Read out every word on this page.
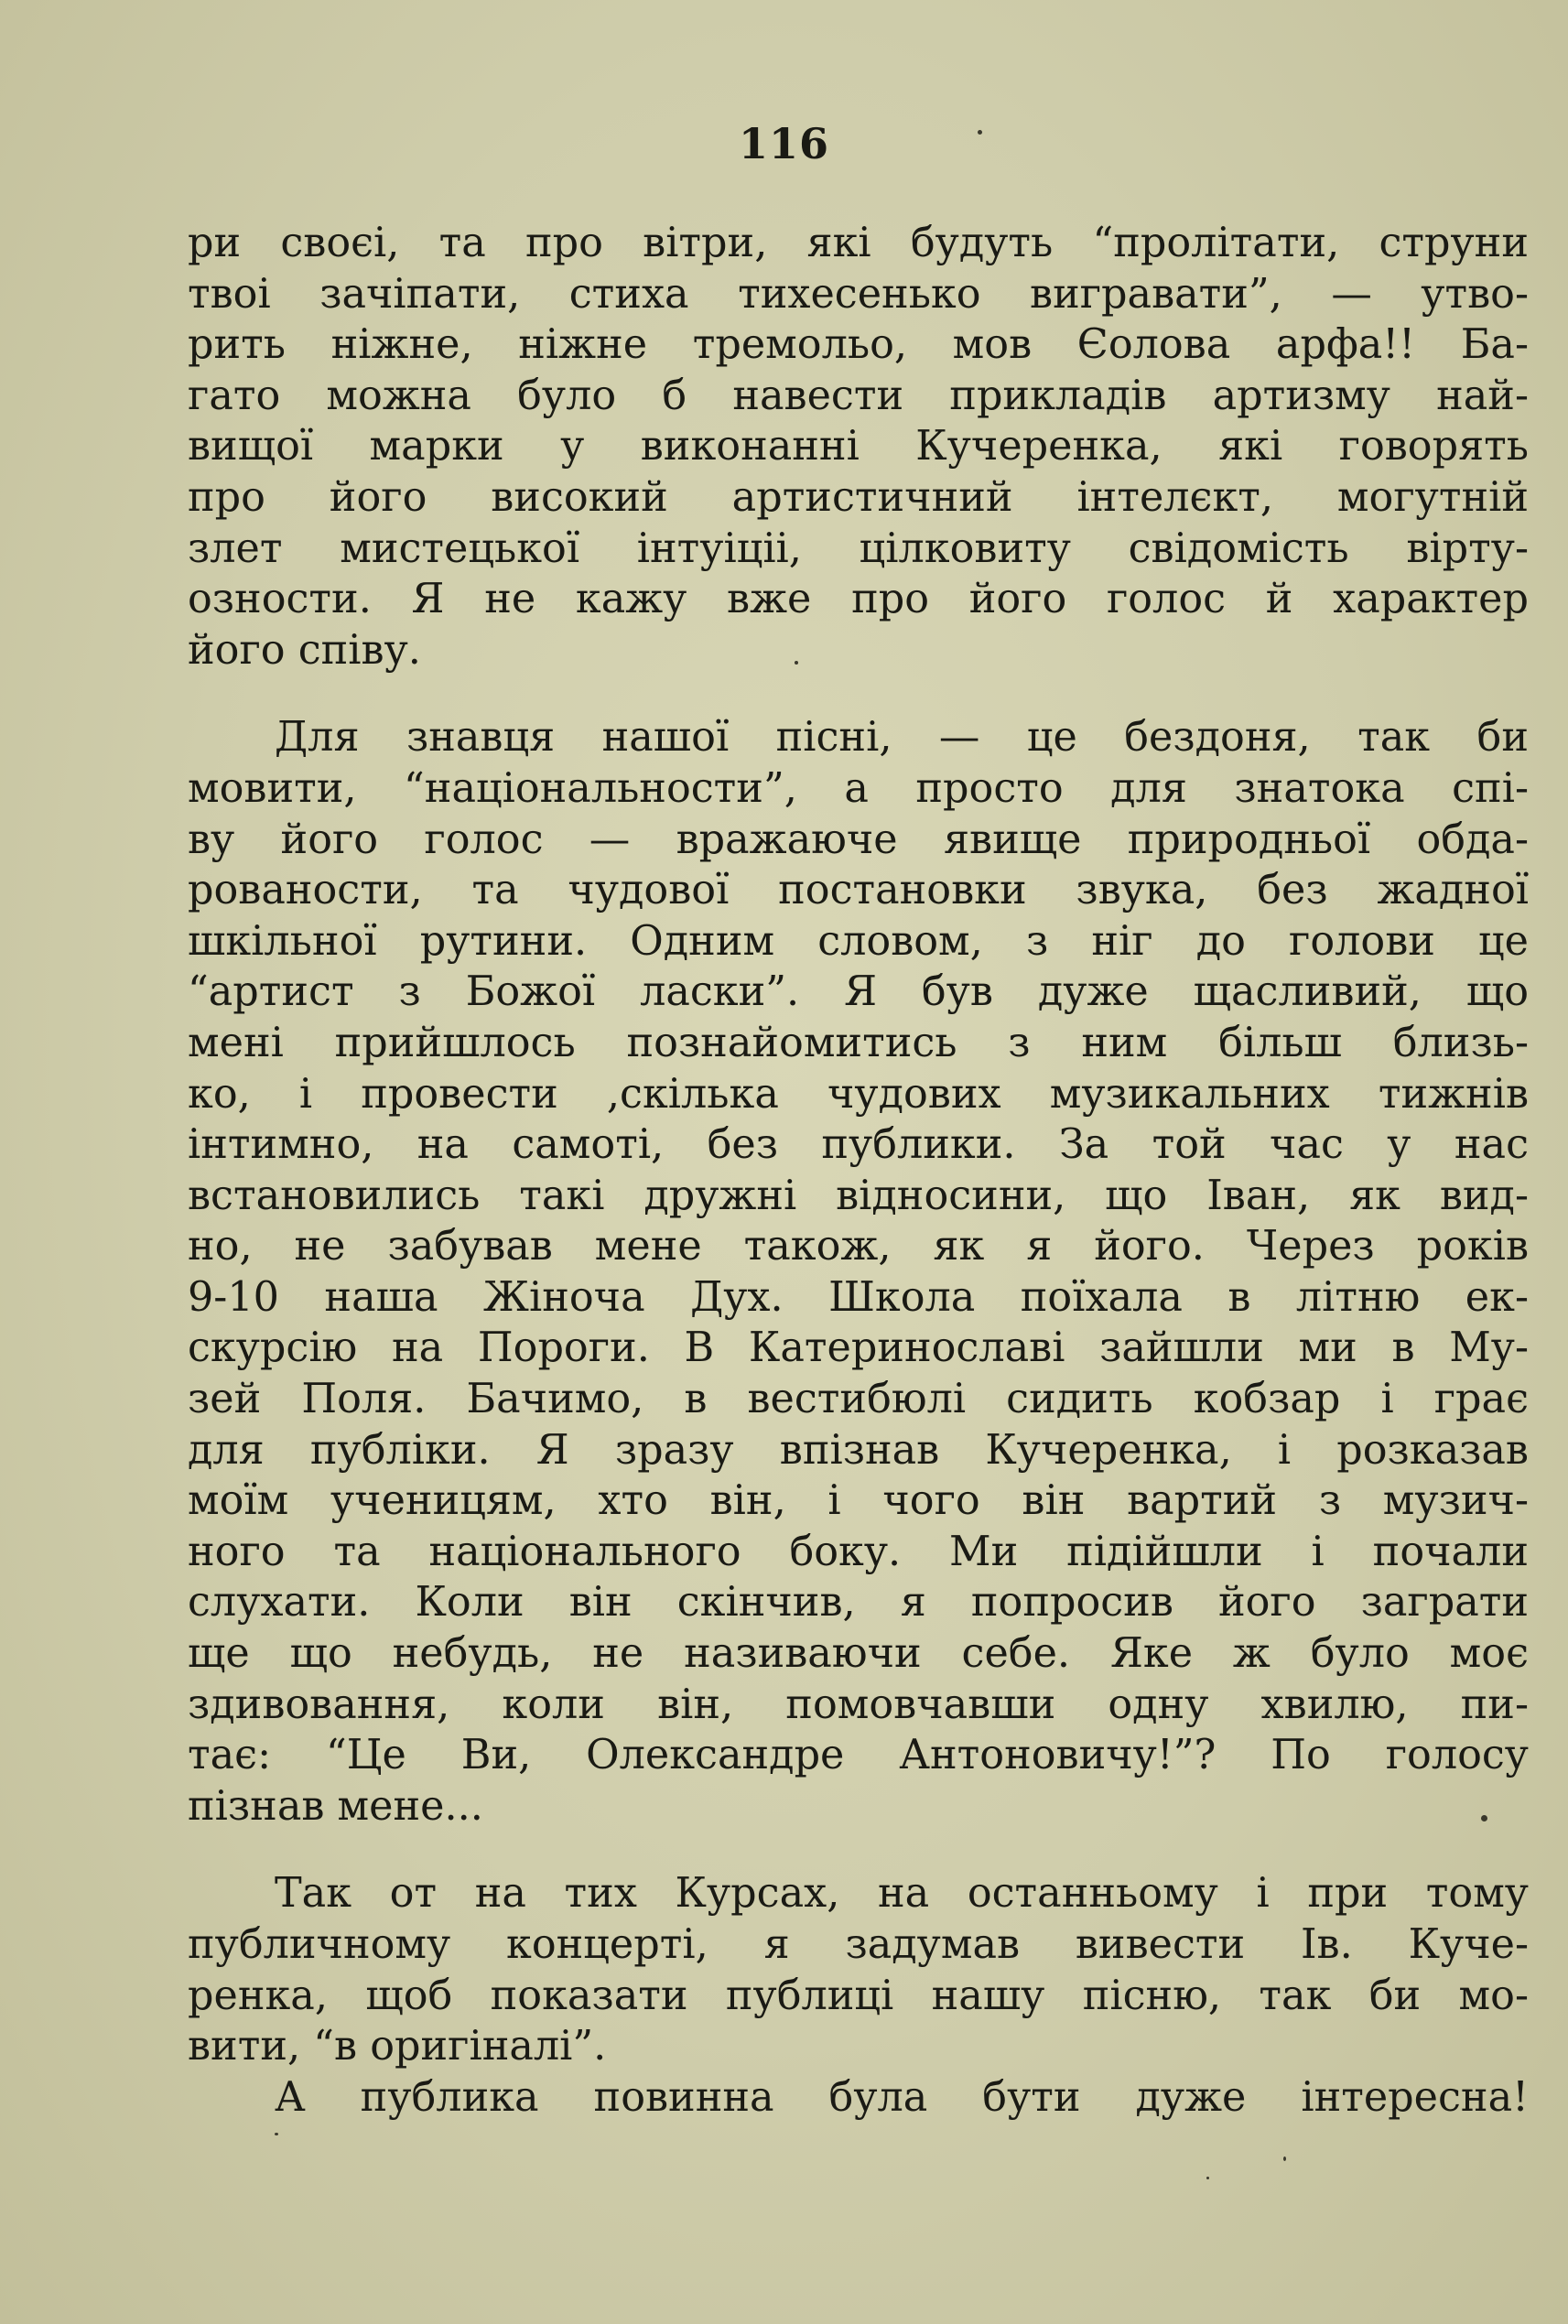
116
ри своєі, та про вітри, які будуть “пролітати, струни
твоі зачіпати, стиха тихесенько вигравати”, — утво-
рить ніжне, ніжне тремольо, мов Єолова арфа!! Ба-
гато можна було б навести прикладів артизму най-
вищої марки у виконанні Кучеренка, які говорять
про його високий артистичний інтелєкт, могутній
злет мистецької інтуіціі, цілковиту свідомість вірту-
озности. Я не кажу вже про його голос й характер
його співу.
Для знавця нашої пісні, — це бездоня, так би
мовити, “національности”, а просто для знатока спі-
ву його голос — вражаюче явище природньої обда-
рованости, та чудової постановки звука, без жадної
шкільної рутини. Одним словом, з ніг до голови це
“артист з Божої ласки”. Я був дуже щасливий, що
мені прийшлось познайомитись з ним більш близь-
ко, і провести ,скілька чудових музикальних тижнів
інтимно, на самоті, без публики. За той час у нас
встановились такі дружні відносини, що Іван, як вид-
но, не забував мене також, як я його. Через років
9-10 наша Жіноча Дух. Школа поїхала в літню ек-
скурсію на Пороги. В Катеринославі зайшли ми в Му-
зей Поля. Бачимо, в вестибюлі сидить кобзар і грає
для публіки. Я зразу впізнав Кучеренка, і розказав
моїм ученицям, хто він, і чого він вартий з музич-
ного та національного боку. Ми підійшли і почали
слухати. Коли він скінчив, я попросив його заграти
ще що небудь, не називаючи себе. Яке ж було моє
здивовання, коли він, помовчавши одну хвилю, пи-
тає: “Це Ви, Олександре Антоновичу!”? По голосу
пізнав мене...
Так от на тих Курсах, на останньому і при тому
публичному концерті, я задумав вивести Ів. Куче-
ренка, щоб показати публиці нашу пісню, так би мо-
вити, “в оригіналі”.
А публика повинна була бути дуже інтересна!
